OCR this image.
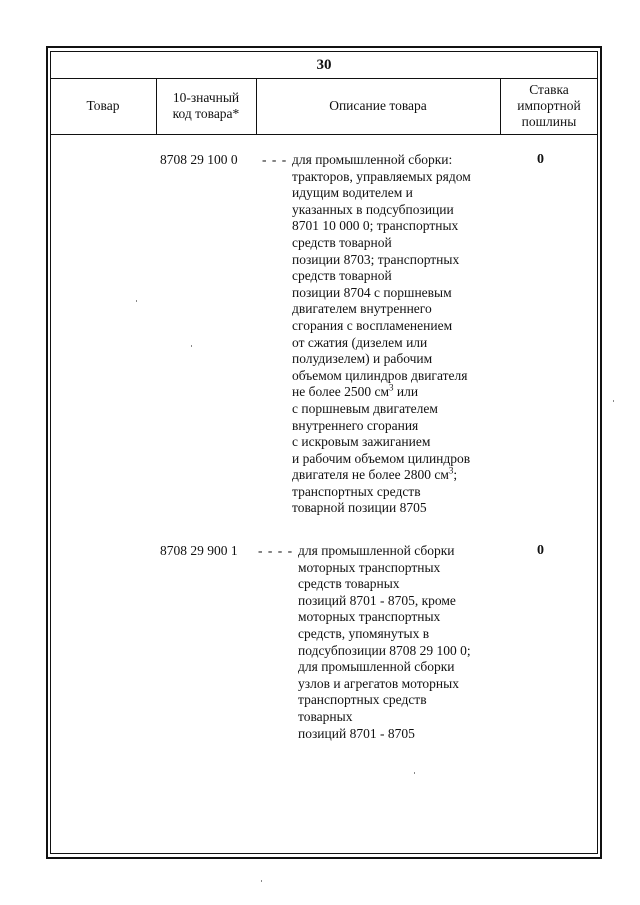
30
Товар
10-значный
код товара*
Описание товара
Ставка
импортной
пошлины
8708 29 100 0 - - - для промышленной сборки:
тракторов, управляемых рядом
идущим водителем и
указанных в подсубпозиции
8701 10 000 0; транспортных
средств товарной
позиции 8703; транспортных
средств товарной
позиции 8704 с поршневым
двигателем внутреннего
сгорания с воспламенением
от сжатия (дизелем или
полудизелем) и рабочим
объемом цилиндров двигателя
не более 2500 $см^3$ или
с поршневым двигателем
внутреннего сгорания
с искровым зажиганием
и рабочим объемом цилиндров
двигателя не более 2800 $см^3$;
транспортных средств
товарной позиции 8705
0
8708 29 900 1 - - - - для промышленной сборки
моторных транспортных
средств товарных
позиций 8701 - 8705, кроме
моторных транспортных
средств, упомянутых в
подсубпозиции 8708 29 100 0;
для промышленной сборки
узлов и агрегатов моторных
транспортных средств
товарных
позиций 8701 - 8705
0
